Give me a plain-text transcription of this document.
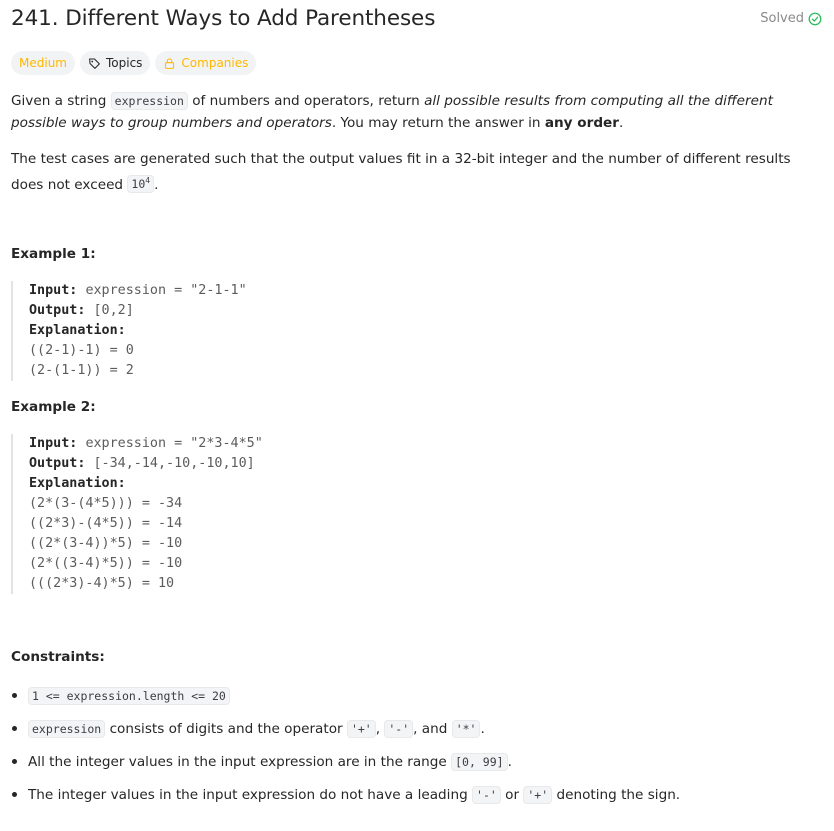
241. Different Ways to Add Parentheses	Solved
Medium	Topics	Companies
Given a string expression of numbers and operators, return all possible results from computing all the different possible ways to group numbers and operators. You may return the answer in any order.
The test cases are generated such that the output values fit in a 32-bit integer and the number of different results does not exceed $10^4$ .
Example 1:
Input: expression = "2-1-1"
Output: [0,2]
Explanation:
((2-1)-1) = 0
(2-(1-1)) = 2
Example 2:
Input: expression = "2*3-4*5"
Output: [-34,-14,-10,-10,10]
Explanation:
(2*(3-(4*5))) = -34
((2*3)-(4*5)) = -14
((2*(3-4))*5) = -10
(2*((3-4)*5)) = -10
(((2*3)-4)*5) = 10
Constraints:
1 <= expression.length <= 20
expression consists of digits and the operator '+' , '-' , and '*' .
All the integer values in the input expression are in the range [0, 99] .
The integer values in the input expression do not have a leading '-' or '+' denoting the sign.
